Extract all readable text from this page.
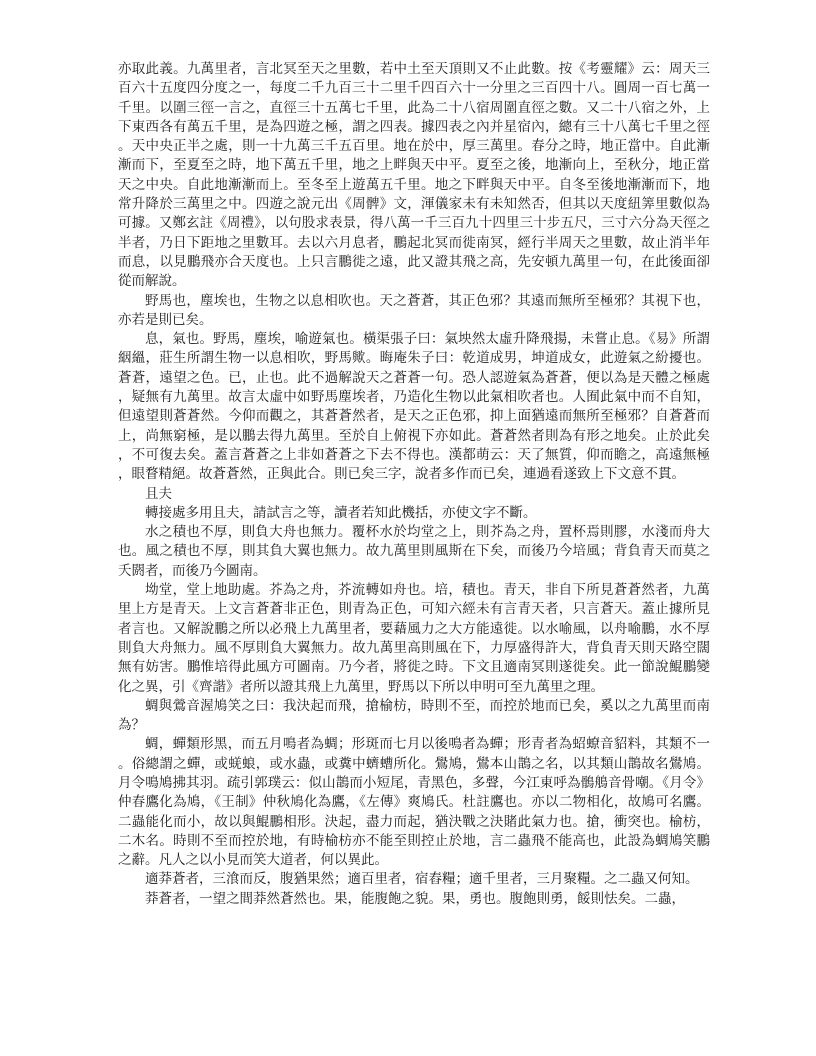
亦取此義。九萬里者，言北冥至天之里數，若中土至天頂則又不止此數。按《考靈耀》云：周天三百六十五度四分度之一，每度二千九百三十二里千四百六十一分里之三百四十八。圓周一百七萬一千里。以圍三徑一言之，直徑三十五萬七千里，此為二十八宿周圍直徑之數。又二十八宿之外，上下東西各有萬五千里，是為四遊之極，謂之四表。據四表之內并星宿內，總有三十八萬七千里之徑。天中央正半之處，則一十九萬三千五百里。地在於中，厚三萬里。春分之時，地正當中。自此漸漸而下，至夏至之時，地下萬五千里，地之上畔與天中平。夏至之後，地漸向上，至秋分，地正當天之中央。自此地漸漸而上。至冬至上遊萬五千里。地之下畔與天中平。自冬至後地漸漸而下，地常升降於三萬里之中。四遊之說元出《周髀》文，渾儀家未有未知然否，但其以天度紐筭里數似為可據。又鄭玄註《周禮》，以句股求表景，得八萬一千三百九十四里三十步五尺，三寸六分為天徑之半者，乃日下距地之里數耳。去以六月息者，鵬起北冥而徙南冥，經行半周天之里數，故止消半年而息，以見鵬飛亦合天度也。上只言鵬徙之遠，此又證其飛之高，先安頓九萬里一句，在此後面卻從而解說。

野馬也，塵埃也，生物之以息相吹也。天之蒼蒼，其正色邪？其遠而無所至極邪？其視下也，亦若是則已矣。

息，氣也。野馬，塵埃，喻遊氣也。橫渠張子曰：氣坱然太虛升降飛揚，未嘗止息。《易》所謂絪縕，莊生所謂生物一以息相吹，野馬歟。晦庵朱子曰：乾道成男，坤道成女，此遊氣之紛擾也。蒼蒼，遠望之色。已，止也。此不過解說天之蒼蒼一句。恐人認遊氣為蒼蒼，便以為是天體之極處，疑無有九萬里。故言太虛中如野馬塵埃者，乃造化生物以此氣相吹者也。人囿此氣中而不自知，但遠望則蒼蒼然。今仰而觀之，其蒼蒼然者，是天之正色邪，抑上面猶遠而無所至極邪？自蒼蒼而上，尚無窮極，是以鵬去得九萬里。至於自上俯視下亦如此。蒼蒼然者則為有形之地矣。止於此矣，不可復去矣。蓋言蒼蒼之上非如蒼蒼之下去不得也。漢都萌云：天了無質，仰而瞻之，高遠無極，眼瞀精絕。故蒼蒼然，正與此合。則已矣三字，說者多作而已矣，連過看遂致上下文意不貫。

且夫

轉接處多用且夫，請試言之等，讀者若知此機括，亦使文字不斷。

水之積也不厚，則負大舟也無力。覆杯水於均堂之上，則芥為之舟，置杯焉則膠，水淺而舟大也。風之積也不厚，則其負大翼也無力。故九萬里則風斯在下矣，而後乃今培風；背負青天而莫之夭閼者，而後乃今圖南。

坳堂，堂上地助處。芥為之舟，芥流轉如舟也。培，積也。青天，非自下所見蒼蒼然者，九萬里上方是青天。上文言蒼蒼非正色，則青為正色，可知六經未有言青天者，只言蒼天。蓋止據所見者言也。又解說鵬之所以必飛上九萬里者，要藉風力之大方能遠徙。以水喻風，以舟喻鵬，水不厚則負大舟無力。風不厚則負大翼無力。故九萬里高則風在下，力厚盛得許大，背負青天則天路空闊無有妨害。鵬惟培得此風方可圖南。乃今者，將徙之時。下文且適南冥則遂徙矣。此一節說鯤鵬變化之異，引《齊諧》者所以證其飛上九萬里，野馬以下所以申明可至九萬里之理。

蜩與鶯音渥鳩笑之曰：我決起而飛，搶榆枋，時則不至，而控於地而已矣，奚以之九萬里而南為？

蜩，蟬類形黑，而五月鳴者為蜩；形斑而七月以後鳴者為蟬；形青者為蛁蟟音貂料，其類不一。俗總謂之蟬，或蜣蜋，或水蟲，或糞中蠐螬所化。鷽鳩，鷽本山鵲之名，以其類山鵲故名鷽鳩。月令鳴鳩拂其羽。疏引郭璞云：似山鵲而小短尾，青黑色，多聲，今江東呼為鶻鵃音骨嘲。《月令》仲春鷹化為鳩，《王制》仲秋鳩化為鷹，《左傳》爽鳩氏。杜註鷹也。亦以二物相化，故鳩可名鷹。二蟲能化而小，故以與鯤鵬相形。決起，盡力而起，猶決戰之決賭此氣力也。搶，衝突也。榆枋，二木名。時則不至而控於地，有時榆枋亦不能至則控止於地，言二蟲飛不能高也，此設為蜩鳩笑鵬之辭。凡人之以小見而笑大道者，何以異此。

適莽蒼者，三湌而反，腹猶果然；適百里者，宿舂糧；適千里者，三月聚糧。之二蟲又何知。

莽蒼者，一望之間莽然蒼然也。果，能腹飽之貌。果，勇也。腹飽則勇，餒則怯矣。二蟲，
